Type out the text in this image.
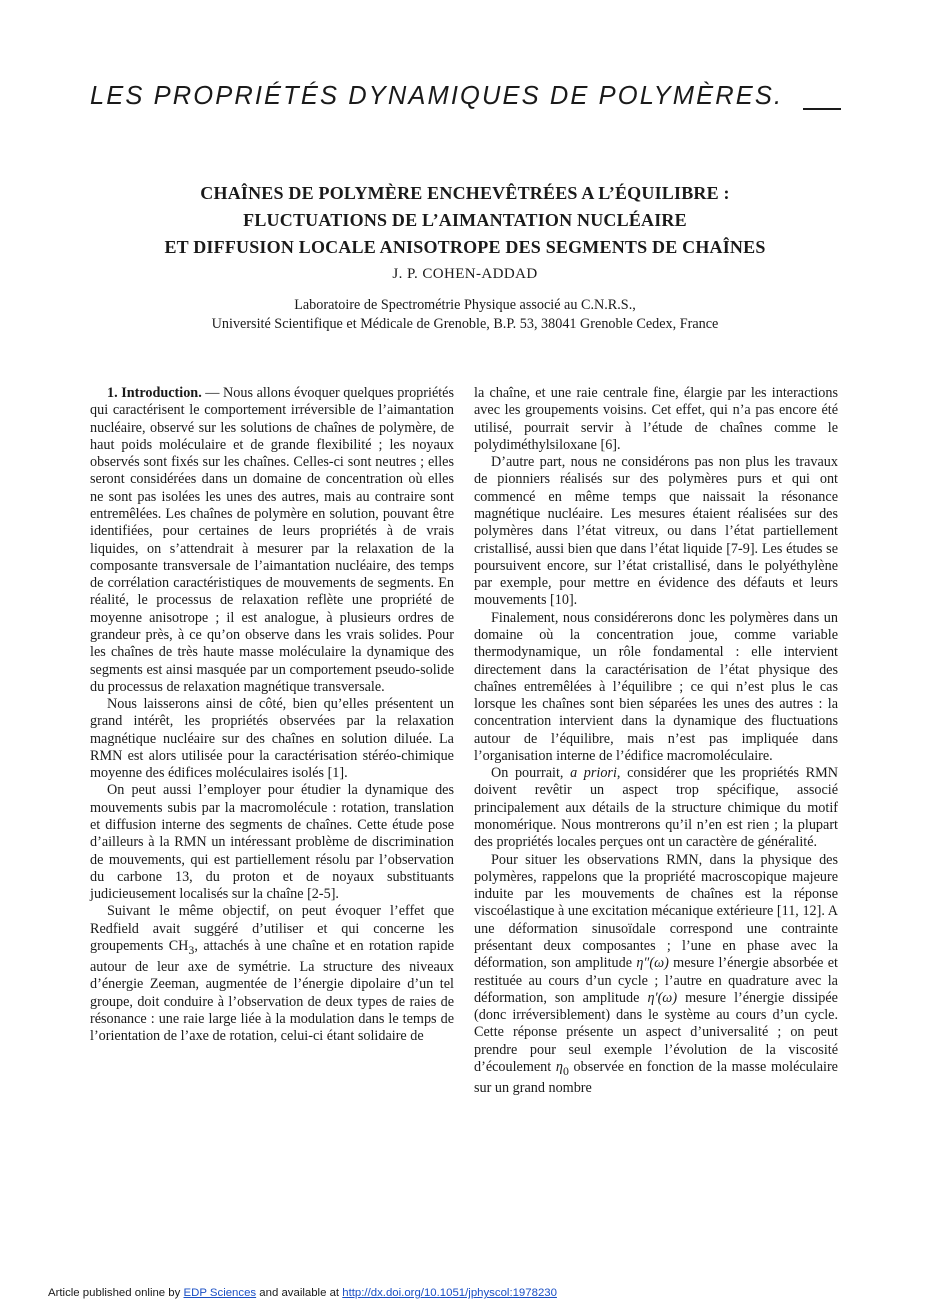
LES PROPRIÉTÉS DYNAMIQUES DE POLYMÈRES.
CHAÎNES DE POLYMÈRE ENCHEVÊTRÉES A L’ÉQUILIBRE :
FLUCTUATIONS DE L’AIMANTATION NUCLÉAIRE
ET DIFFUSION LOCALE ANISOTROPE DES SEGMENTS DE CHAÎNES
J. P. COHEN-ADDAD
Laboratoire de Spectrométrie Physique associé au C.N.R.S.,
Université Scientifique et Médicale de Grenoble, B.P. 53, 38041 Grenoble Cedex, France

1. Introduction. — Nous allons évoquer quelques propriétés qui caractérisent le comportement irréversible de l’aimantation nucléaire, observé sur les solutions de chaînes de polymère, de haut poids moléculaire et de grande flexibilité ; les noyaux observés sont fixés sur les chaînes. Celles-ci sont neutres ; elles seront considérées dans un domaine de concentration où elles ne sont pas isolées les unes des autres, mais au contraire sont entremêlées. Les chaînes de polymère en solution, pouvant être identifiées, pour certaines de leurs propriétés à de vrais liquides, on s’attendrait à mesurer par la relaxation de la composante transversale de l’aimantation nucléaire, des temps de corrélation caractéristiques de mouvements de segments. En réalité, le processus de relaxation reflète une propriété de moyenne anisotrope ; il est analogue, à plusieurs ordres de grandeur près, à ce qu’on observe dans les vrais solides. Pour les chaînes de très haute masse moléculaire la dynamique des segments est ainsi masquée par un comportement pseudo-solide du processus de relaxation magnétique transversale.

Nous laisserons ainsi de côté, bien qu’elles présentent un grand intérêt, les propriétés observées par la relaxation magnétique nucléaire sur des chaînes en solution diluée. La RMN est alors utilisée pour la caractérisation stéréo-chimique moyenne des édifices moléculaires isolés [1].

On peut aussi l’employer pour étudier la dynamique des mouvements subis par la macromolécule : rotation, translation et diffusion interne des segments de chaînes. Cette étude pose d’ailleurs à la RMN un intéressant problème de discrimination de mouvements, qui est partiellement résolu par l’observation du carbone 13, du proton et de noyaux substituants judicieusement localisés sur la chaîne [2-5].

Suivant le même objectif, on peut évoquer l’effet que Redfield avait suggéré d’utiliser et qui concerne les groupements $CH_3$, attachés à une chaîne et en rotation rapide autour de leur axe de symétrie. La structure des niveaux d’énergie Zeeman, augmentée de l’énergie dipolaire d’un tel groupe, doit conduire à l’observation de deux types de raies de résonance : une raie large liée à la modulation dans le temps de l’orientation de l’axe de rotation, celui-ci étant solidaire de

la chaîne, et une raie centrale fine, élargie par les interactions avec les groupements voisins. Cet effet, qui n’a pas encore été utilisé, pourrait servir à l’étude de chaînes comme le polydiméthylsiloxane [6].

D’autre part, nous ne considérons pas non plus les travaux de pionniers réalisés sur des polymères purs et qui ont commencé en même temps que naissait la résonance magnétique nucléaire. Les mesures étaient réalisées sur des polymères dans l’état vitreux, ou dans l’état partiellement cristallisé, aussi bien que dans l’état liquide [7-9]. Les études se poursuivent encore, sur l’état cristallisé, dans le polyéthylène par exemple, pour mettre en évidence des défauts et leurs mouvements [10].

Finalement, nous considérerons donc les polymères dans un domaine où la concentration joue, comme variable thermodynamique, un rôle fondamental : elle intervient directement dans la caractérisation de l’état physique des chaînes entremêlées à l’équilibre ; ce qui n’est plus le cas lorsque les chaînes sont bien séparées les unes des autres : la concentration intervient dans la dynamique des fluctuations autour de l’équilibre, mais n’est pas impliquée dans l’organisation interne de l’édifice macromoléculaire.

On pourrait, a priori, considérer que les propriétés RMN doivent revêtir un aspect trop spécifique, associé principalement aux détails de la structure chimique du motif monomérique. Nous montrerons qu’il n’en est rien ; la plupart des propriétés locales perçues ont un caractère de généralité.

Pour situer les observations RMN, dans la physique des polymères, rappelons que la propriété macroscopique majeure induite par les mouvements de chaînes est la réponse viscoélastique à une excitation mécanique extérieure [11, 12]. A une déformation sinusoïdale correspond une contrainte présentant deux composantes ; l’une en phase avec la déformation, son amplitude η″(ω) mesure l’énergie absorbée et restituée au cours d’un cycle ; l’autre en quadrature avec la déformation, son amplitude η′(ω) mesure l’énergie dissipée (donc irréversiblement) dans le système au cours d’un cycle. Cette réponse présente un aspect d’universalité ; on peut prendre pour seul exemple l’évolution de la viscosité d’écoulement $\eta_0$ observée en fonction de la masse moléculaire sur un grand nombre

Article published online by EDP Sciences and available at http://dx.doi.org/10.1051/jphyscol:1978230
